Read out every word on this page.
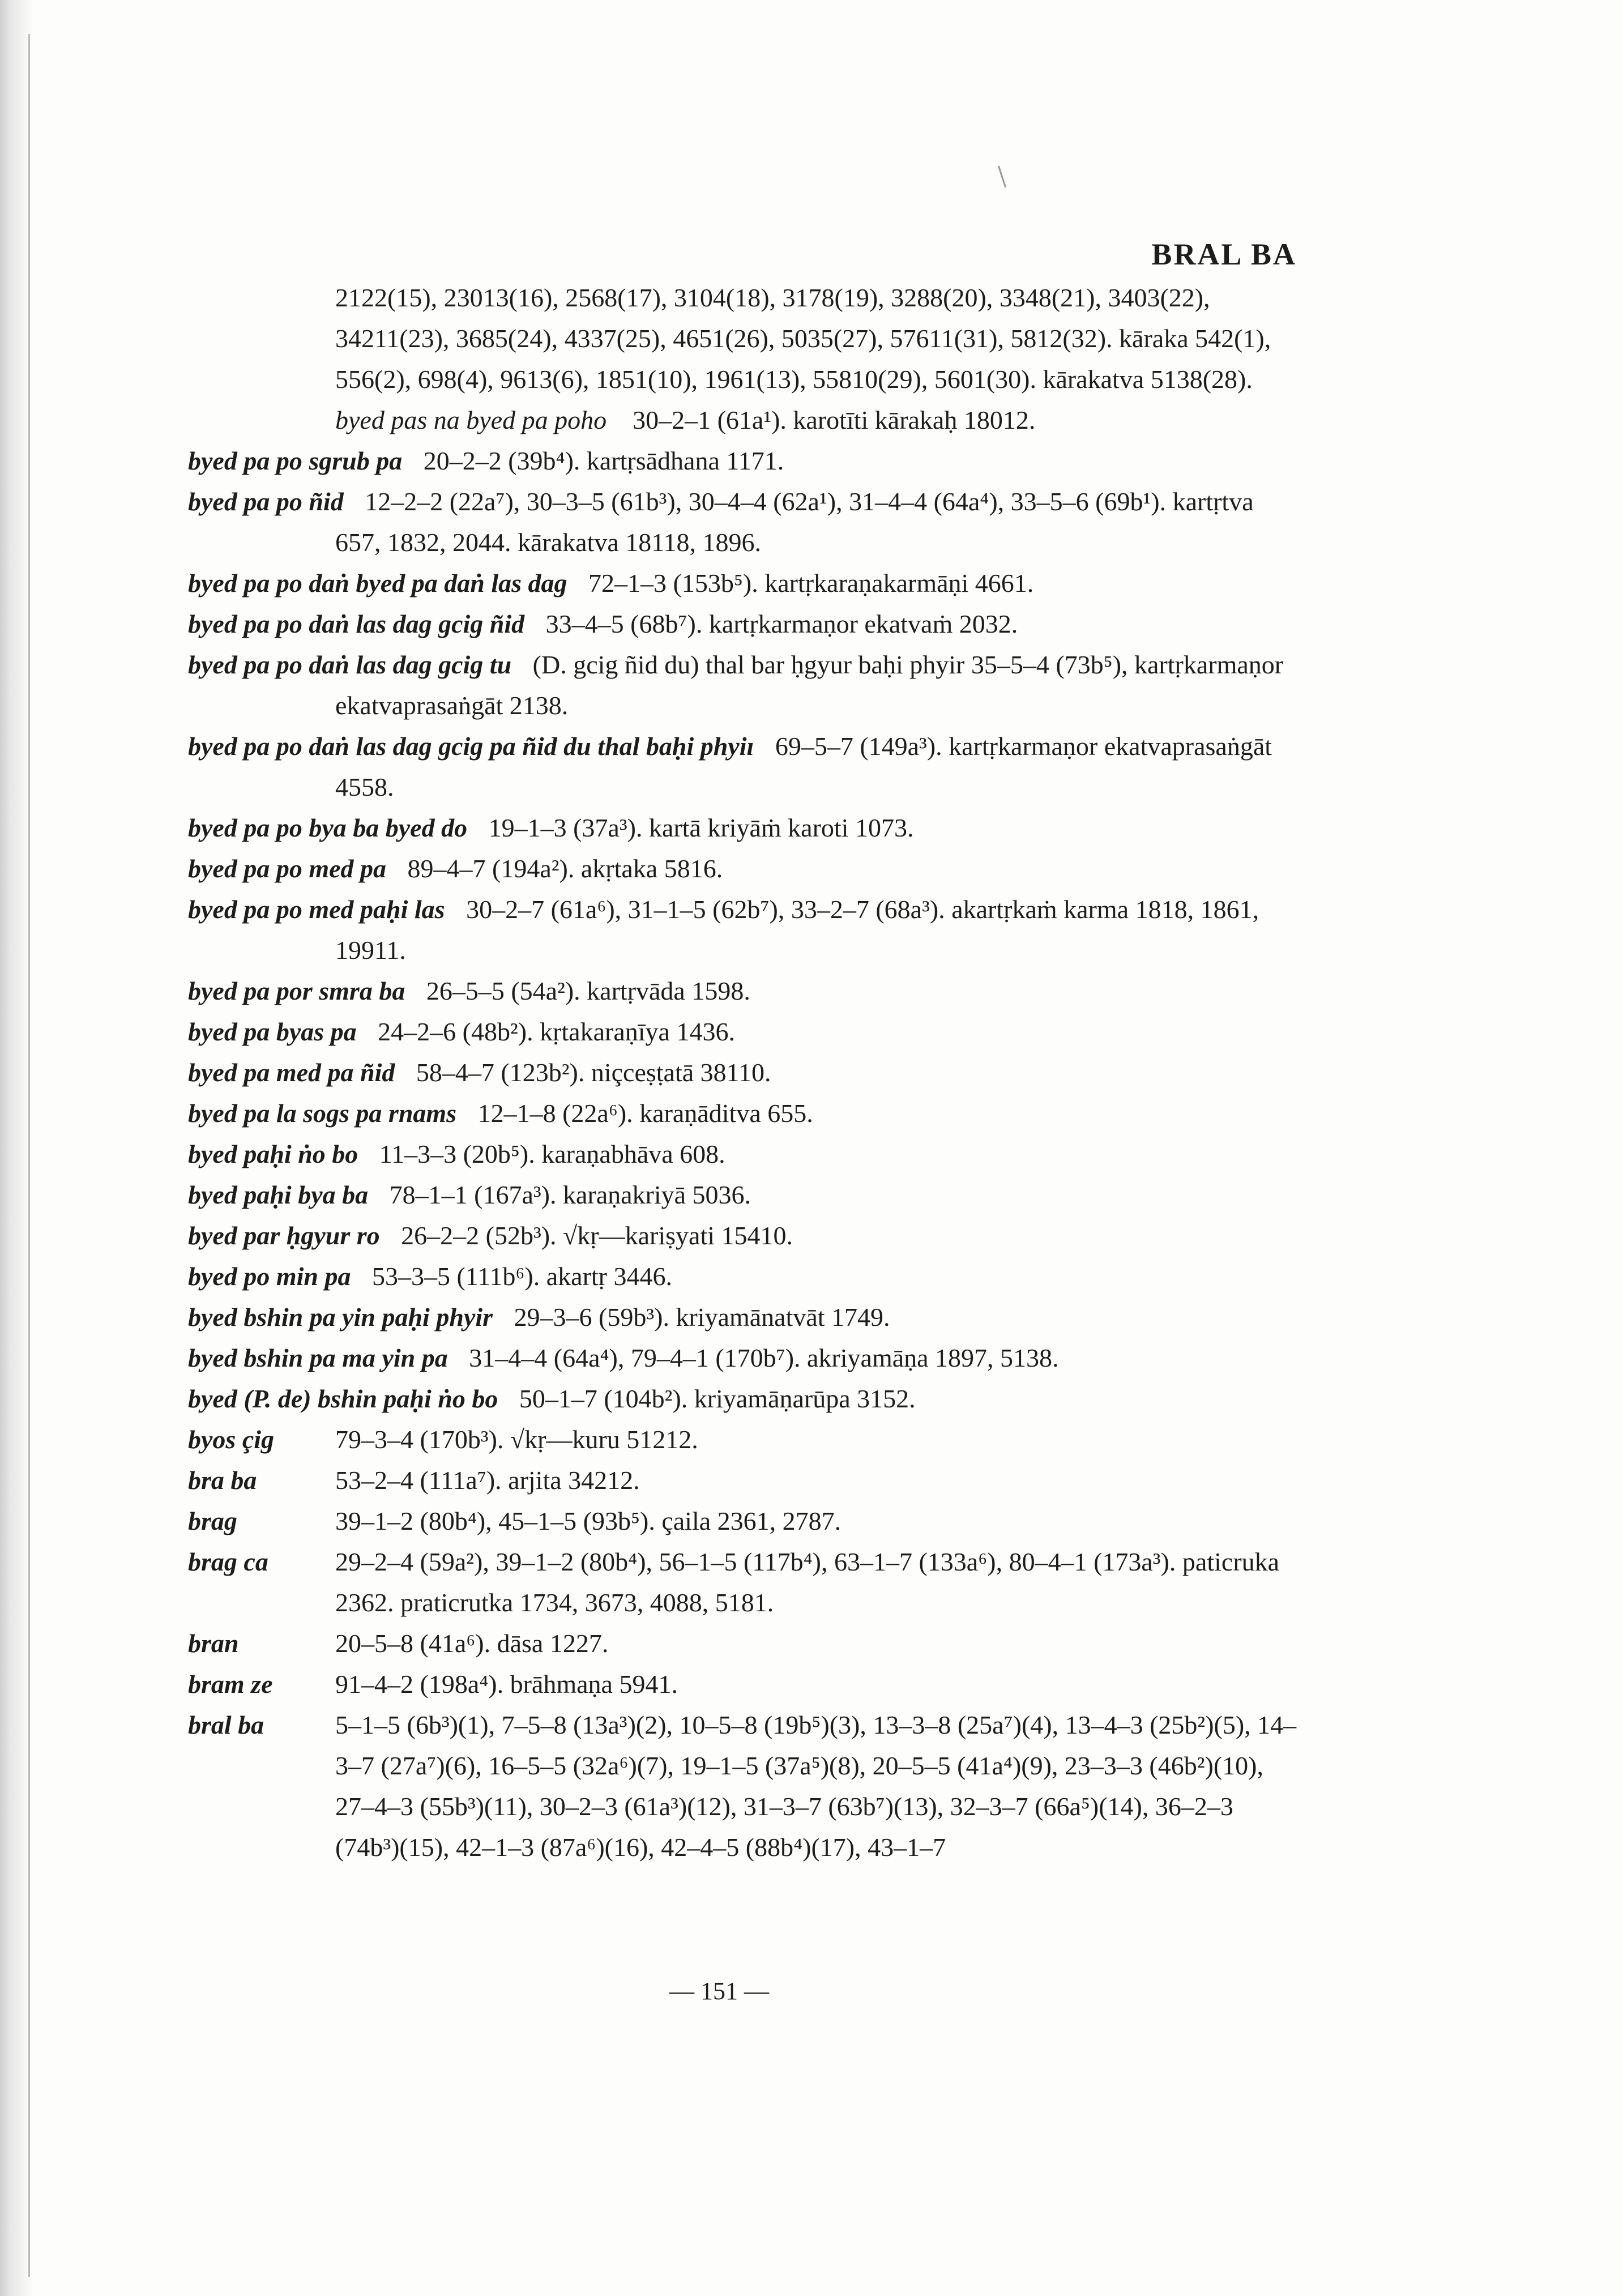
BRAL BA

2122(15), 23013(16), 2568(17), 3104(18), 3178(19), 3288(20), 3348(21), 3403(22), 34211(23), 3685(24), 4337(25), 4651(26), 5035(27), 57611(31), 5812(32). kāraka 542(1), 556(2), 698(4), 9613(6), 1851(10), 1961(13), 55810(29), 5601(30). kārakatva 5138(28).

byed pas na byed pa poho 30–2–1 (61a¹). karotīti kārakaḥ 18012.

byed pa po sgrub pa 20–2–2 (39b⁴). kartṛsādhana 1171.
byed pa po ñid 12–2–2 (22a⁷), 30–3–5 (61b³), 30–4–4 (62a¹), 31–4–4 (64a⁴), 33–5–6 (69b¹). kartṛtva 657, 1832, 2044. kārakatva 18118, 1896.
byed pa po daṅ byed pa daṅ las dag 72–1–3 (153b⁵). kartṛkaraṇakarmāṇi 4661.
byed pa po daṅ las dag gcig ñid 33–4–5 (68b⁷). kartṛkarmaṇor ekatvaṁ 2032.
byed pa po daṅ las dag gcig tu (D. gcig ñid du) thal bar ḥgyur baḥi phyir 35–5–4 (73b⁵), kartṛkarmaṇor ekatvaprasaṅgāt 2138.
byed pa po daṅ las dag gcig pa ñid du thal baḥi phyiı 69–5–7 (149a³). kartṛkarmaṇor ekatvaprasaṅgāt 4558.
byed pa po bya ba byed do 19–1–3 (37a³). kartā kriyāṁ karoti 1073.
byed pa po med pa 89–4–7 (194a²). akṛtaka 5816.
byed pa po med paḥi las 30–2–7 (61a⁶), 31–1–5 (62b⁷), 33–2–7 (68a³). akartṛkaṁ karma 1818, 1861, 19911.
byed pa por smra ba 26–5–5 (54a²). kartṛvāda 1598.
byed pa byas pa 24–2–6 (48b²). kṛtakaraṇīya 1436.
byed pa med pa ñid 58–4–7 (123b²). niçceṣṭatā 38110.
byed pa la sogs pa rnams 12–1–8 (22a⁶). karaṇāditva 655.
byed paḥi ṅo bo 11–3–3 (20b⁵). karaṇabhāva 608.
byed paḥi bya ba 78–1–1 (167a³). karaṇakriyā 5036.
byed par ḥgyur ro 26–2–2 (52b³). √kṛ—kariṣyati 15410.
byed po min pa 53–3–5 (111b⁶). akartṛ 3446.
byed bshin pa yin paḥi phyir 29–3–6 (59b³). kriyamānatvāt 1749.
byed bshin pa ma yin pa 31–4–4 (64a⁴), 79–4–1 (170b⁷). akriyamāṇa 1897, 5138.
byed (P. de) bshin paḥi ṅo bo 50–1–7 (104b²). kriyamāṇarūpa 3152.
byos çig	79–3–4 (170b³). √kṛ—kuru 51212.
bra ba	53–2–4 (111a⁷). arjita 34212.
brag	39–1–2 (80b⁴), 45–1–5 (93b⁵). çaila 2361, 2787.
brag ca	29–2–4 (59a²), 39–1–2 (80b⁴), 56–1–5 (117b⁴), 63–1–7 (133a⁶), 80–4–1 (173a³). paticruka 2362. praticrutka 1734, 3673, 4088, 5181.
bran	20–5–8 (41a⁶). dāsa 1227.
bram ze	91–4–2 (198a⁴). brāhmaṇa 5941.
bral ba	5–1–5 (6b³)(1), 7–5–8 (13a³)(2), 10–5–8 (19b⁵)(3), 13–3–8 (25a⁷)(4), 13–4–3 (25b²)(5), 14–3–7 (27a⁷)(6), 16–5–5 (32a⁶)(7), 19–1–5 (37a⁵)(8), 20–5–5 (41a⁴)(9), 23–3–3 (46b²)(10), 27–4–3 (55b³)(11), 30–2–3 (61a³)(12), 31–3–7 (63b⁷)(13), 32–3–7 (66a⁵)(14), 36–2–3 (74b³)(15), 42–1–3 (87a⁶)(16), 42–4–5 (88b⁴)(17), 43–1–7
— 151 —
